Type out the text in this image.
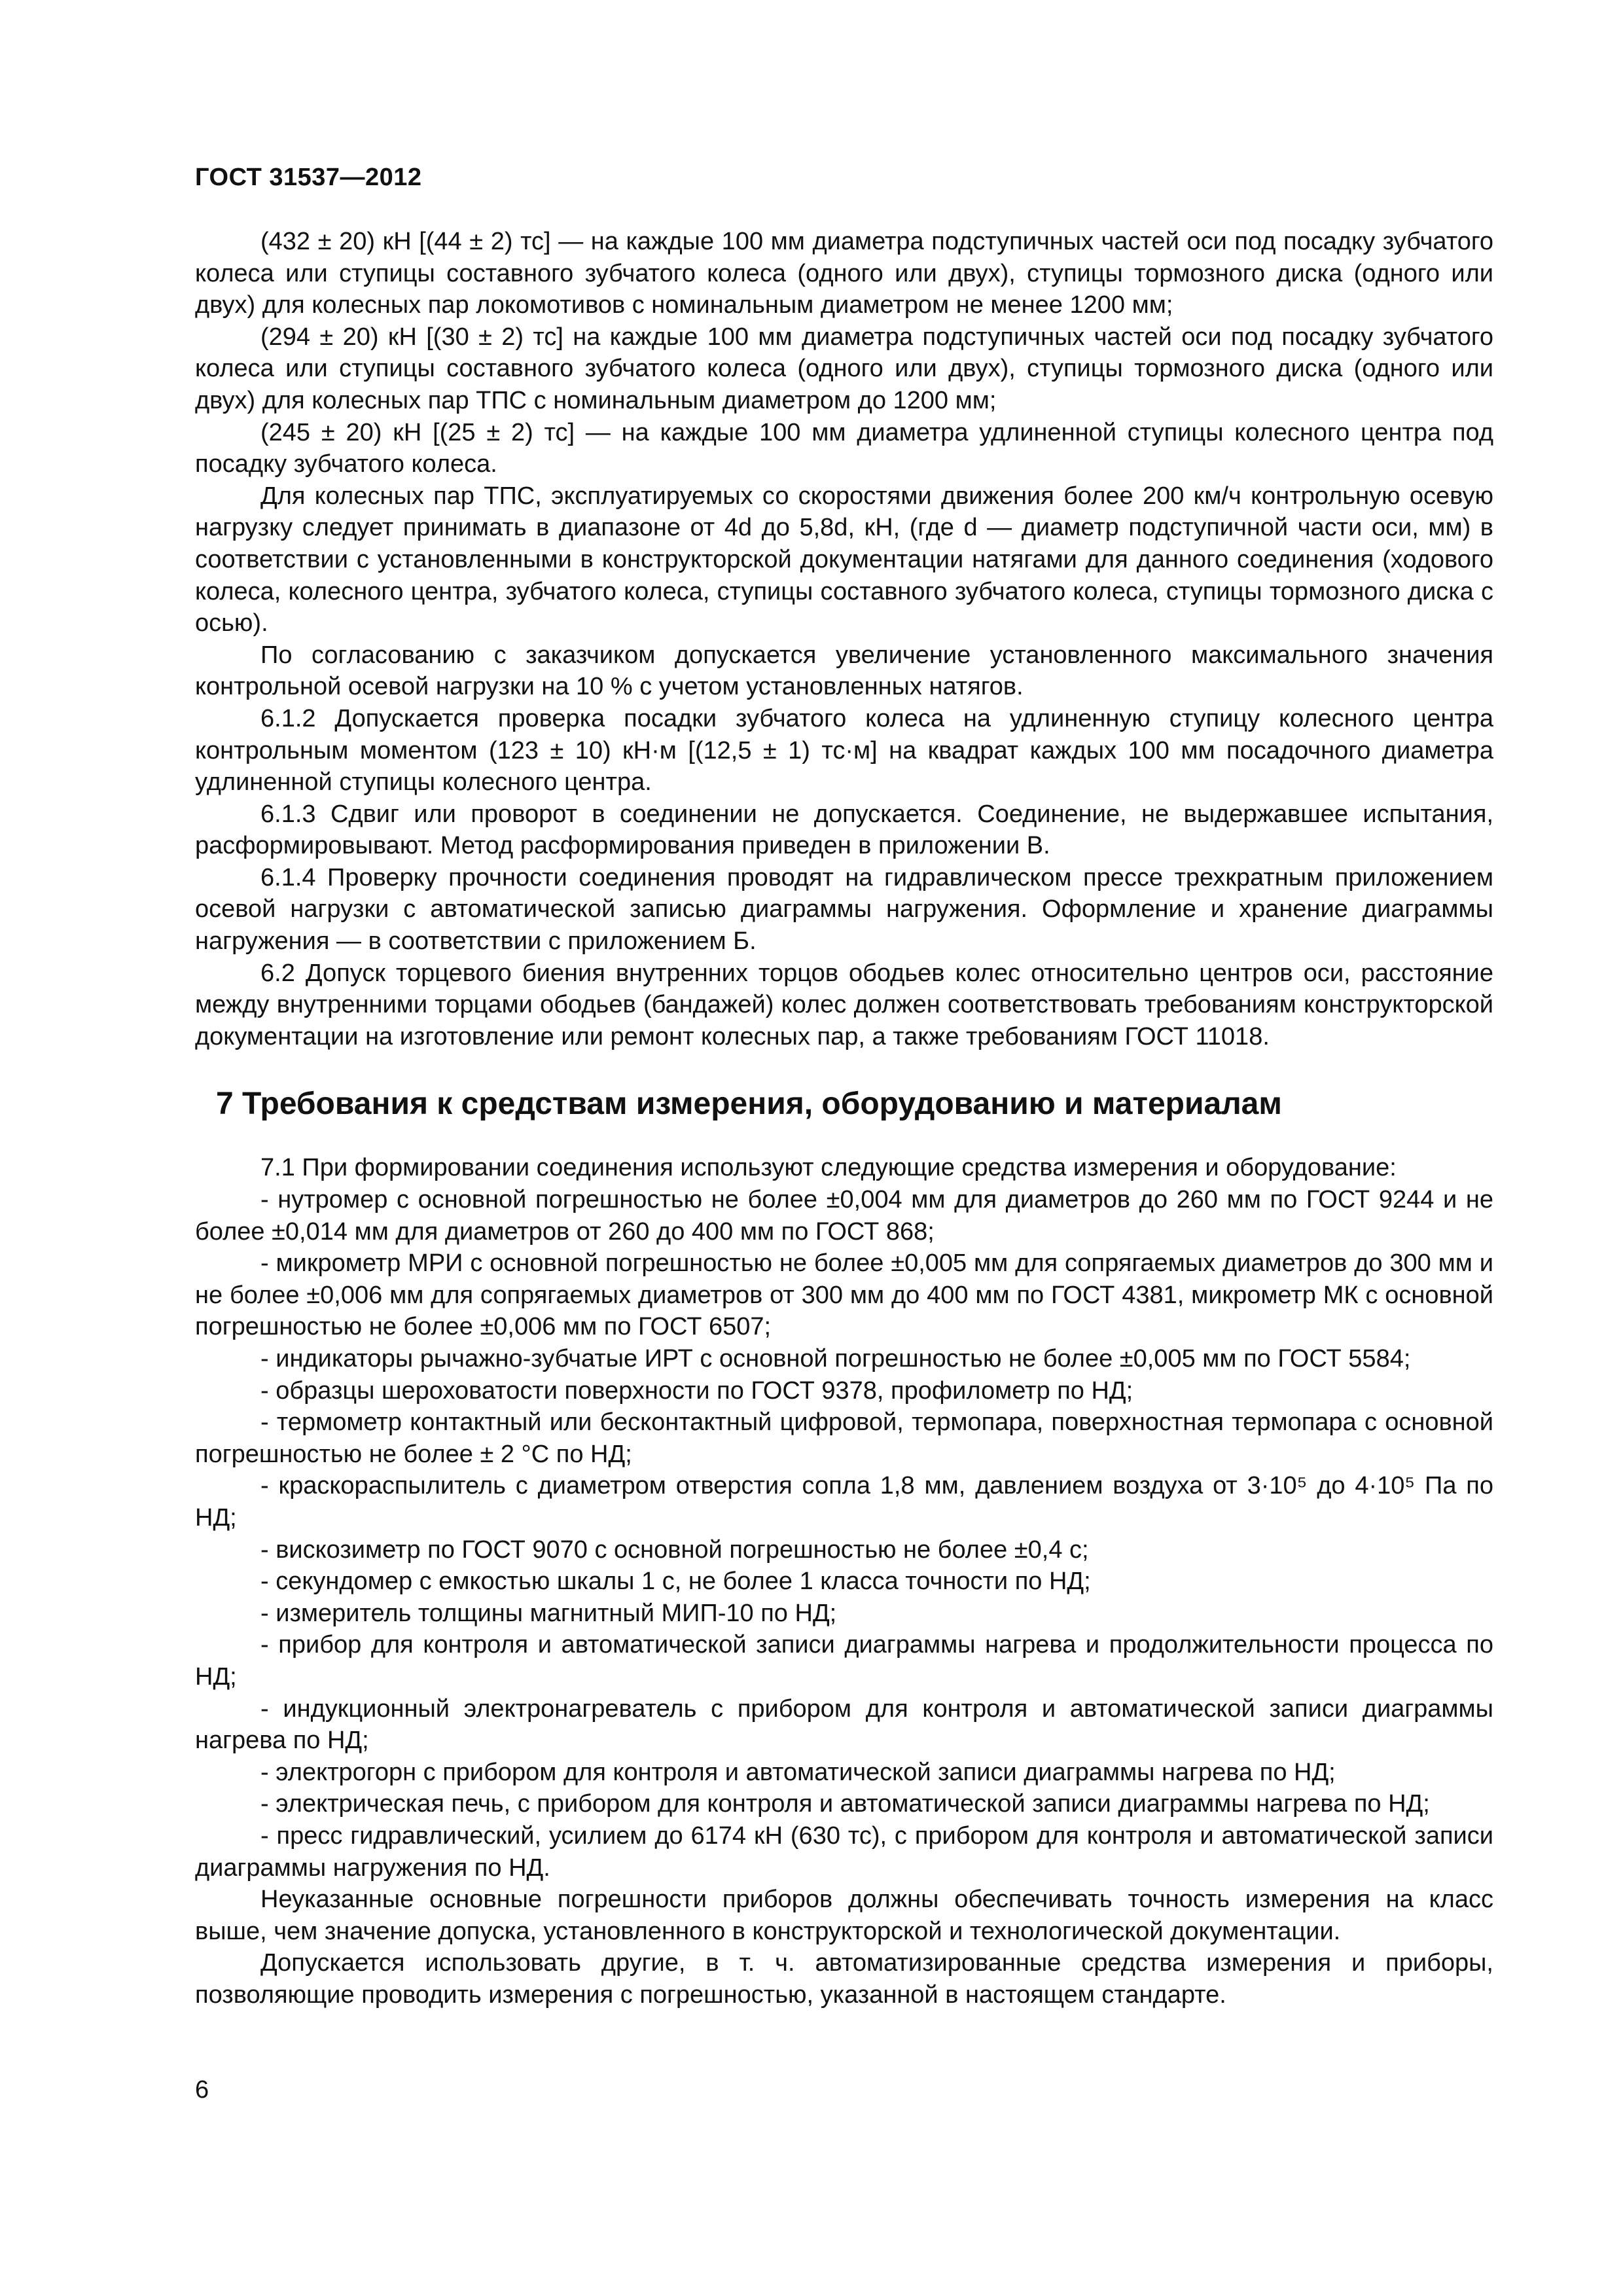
ГОСТ 31537—2012

(432 ± 20) кН [(44 ± 2) тс] — на каждые 100 мм диаметра подступичных частей оси под посадку зубчатого колеса или ступицы составного зубчатого колеса (одного или двух), ступицы тормозного диска (одного или двух) для колесных пар локомотивов с номинальным диаметром не менее 1200 мм;

(294 ± 20) кН [(30 ± 2) тс] на каждые 100 мм диаметра подступичных частей оси под посадку зубчатого колеса или ступицы составного зубчатого колеса (одного или двух), ступицы тормозного диска (одного или двух) для колесных пар ТПС с номинальным диаметром до 1200 мм;

(245 ± 20) кН [(25 ± 2) тс] — на каждые 100 мм диаметра удлиненной ступицы колесного центра под посадку зубчатого колеса.

Для колесных пар ТПС, эксплуатируемых со скоростями движения более 200 км/ч контрольную осевую нагрузку следует принимать в диапазоне от 4d до 5,8d, кН, (где d — диаметр подступичной части оси, мм) в соответствии с установленными в конструкторской документации натягами для данного соединения (ходового колеса, колесного центра, зубчатого колеса, ступицы составного зубчатого колеса, ступицы тормозного диска с осью).

По согласованию с заказчиком допускается увеличение установленного максимального значения контрольной осевой нагрузки на 10 % с учетом установленных натягов.

6.1.2 Допускается проверка посадки зубчатого колеса на удлиненную ступицу колесного центра контрольным моментом (123 ± 10) кН·м [(12,5 ± 1) тс·м] на квадрат каждых 100 мм посадочного диаметра удлиненной ступицы колесного центра.

6.1.3 Сдвиг или проворот в соединении не допускается. Соединение, не выдержавшее испытания, расформировывают. Метод расформирования приведен в приложении В.

6.1.4 Проверку прочности соединения проводят на гидравлическом прессе трехкратным приложением осевой нагрузки с автоматической записью диаграммы нагружения. Оформление и хранение диаграммы нагружения — в соответствии с приложением Б.

6.2 Допуск торцевого биения внутренних торцов ободьев колес относительно центров оси, расстояние между внутренними торцами ободьев (бандажей) колес должен соответствовать требованиям конструкторской документации на изготовление или ремонт колесных пар, а также требованиям ГОСТ 11018.

7 Требования к средствам измерения, оборудованию и материалам

7.1 При формировании соединения используют следующие средства измерения и оборудование:

- нутромер с основной погрешностью не более ±0,004 мм для диаметров до 260 мм по ГОСТ 9244 и не более ±0,014 мм для диаметров от 260 до 400 мм по ГОСТ 868;

- микрометр МРИ с основной погрешностью не более ±0,005 мм для сопрягаемых диаметров до 300 мм и не более ±0,006 мм для сопрягаемых диаметров от 300 мм до 400 мм по ГОСТ 4381, микрометр МК с основной погрешностью не более ±0,006 мм по ГОСТ 6507;

- индикаторы рычажно-зубчатые ИРТ с основной погрешностью не более ±0,005 мм по ГОСТ 5584;

- образцы шероховатости поверхности по ГОСТ 9378, профилометр по НД;

- термометр контактный или бесконтактный цифровой, термопара, поверхностная термопара с основной погрешностью не более ± 2 °С по НД;

- краскораспылитель с диаметром отверстия сопла 1,8 мм, давлением воздуха от 3·10⁵ до 4·10⁵ Па по НД;

- вискозиметр по ГОСТ 9070 с основной погрешностью не более ±0,4 с;

- секундомер с емкостью шкалы 1 с, не более 1 класса точности по НД;

- измеритель толщины магнитный МИП-10 по НД;

- прибор для контроля и автоматической записи диаграммы нагрева и продолжительности процесса по НД;

- индукционный электронагреватель с прибором для контроля и автоматической записи диаграммы нагрева по НД;

- электрогорн с прибором для контроля и автоматической записи диаграммы нагрева по НД;

- электрическая печь, с прибором для контроля и автоматической записи диаграммы нагрева по НД;

- пресс гидравлический, усилием до 6174 кН (630 тс), с прибором для контроля и автоматической записи диаграммы нагружения по НД.

Неуказанные основные погрешности приборов должны обеспечивать точность измерения на класс выше, чем значение допуска, установленного в конструкторской и технологической документации.

Допускается использовать другие, в т. ч. автоматизированные средства измерения и приборы, позволяющие проводить измерения с погрешностью, указанной в настоящем стандарте.

6
